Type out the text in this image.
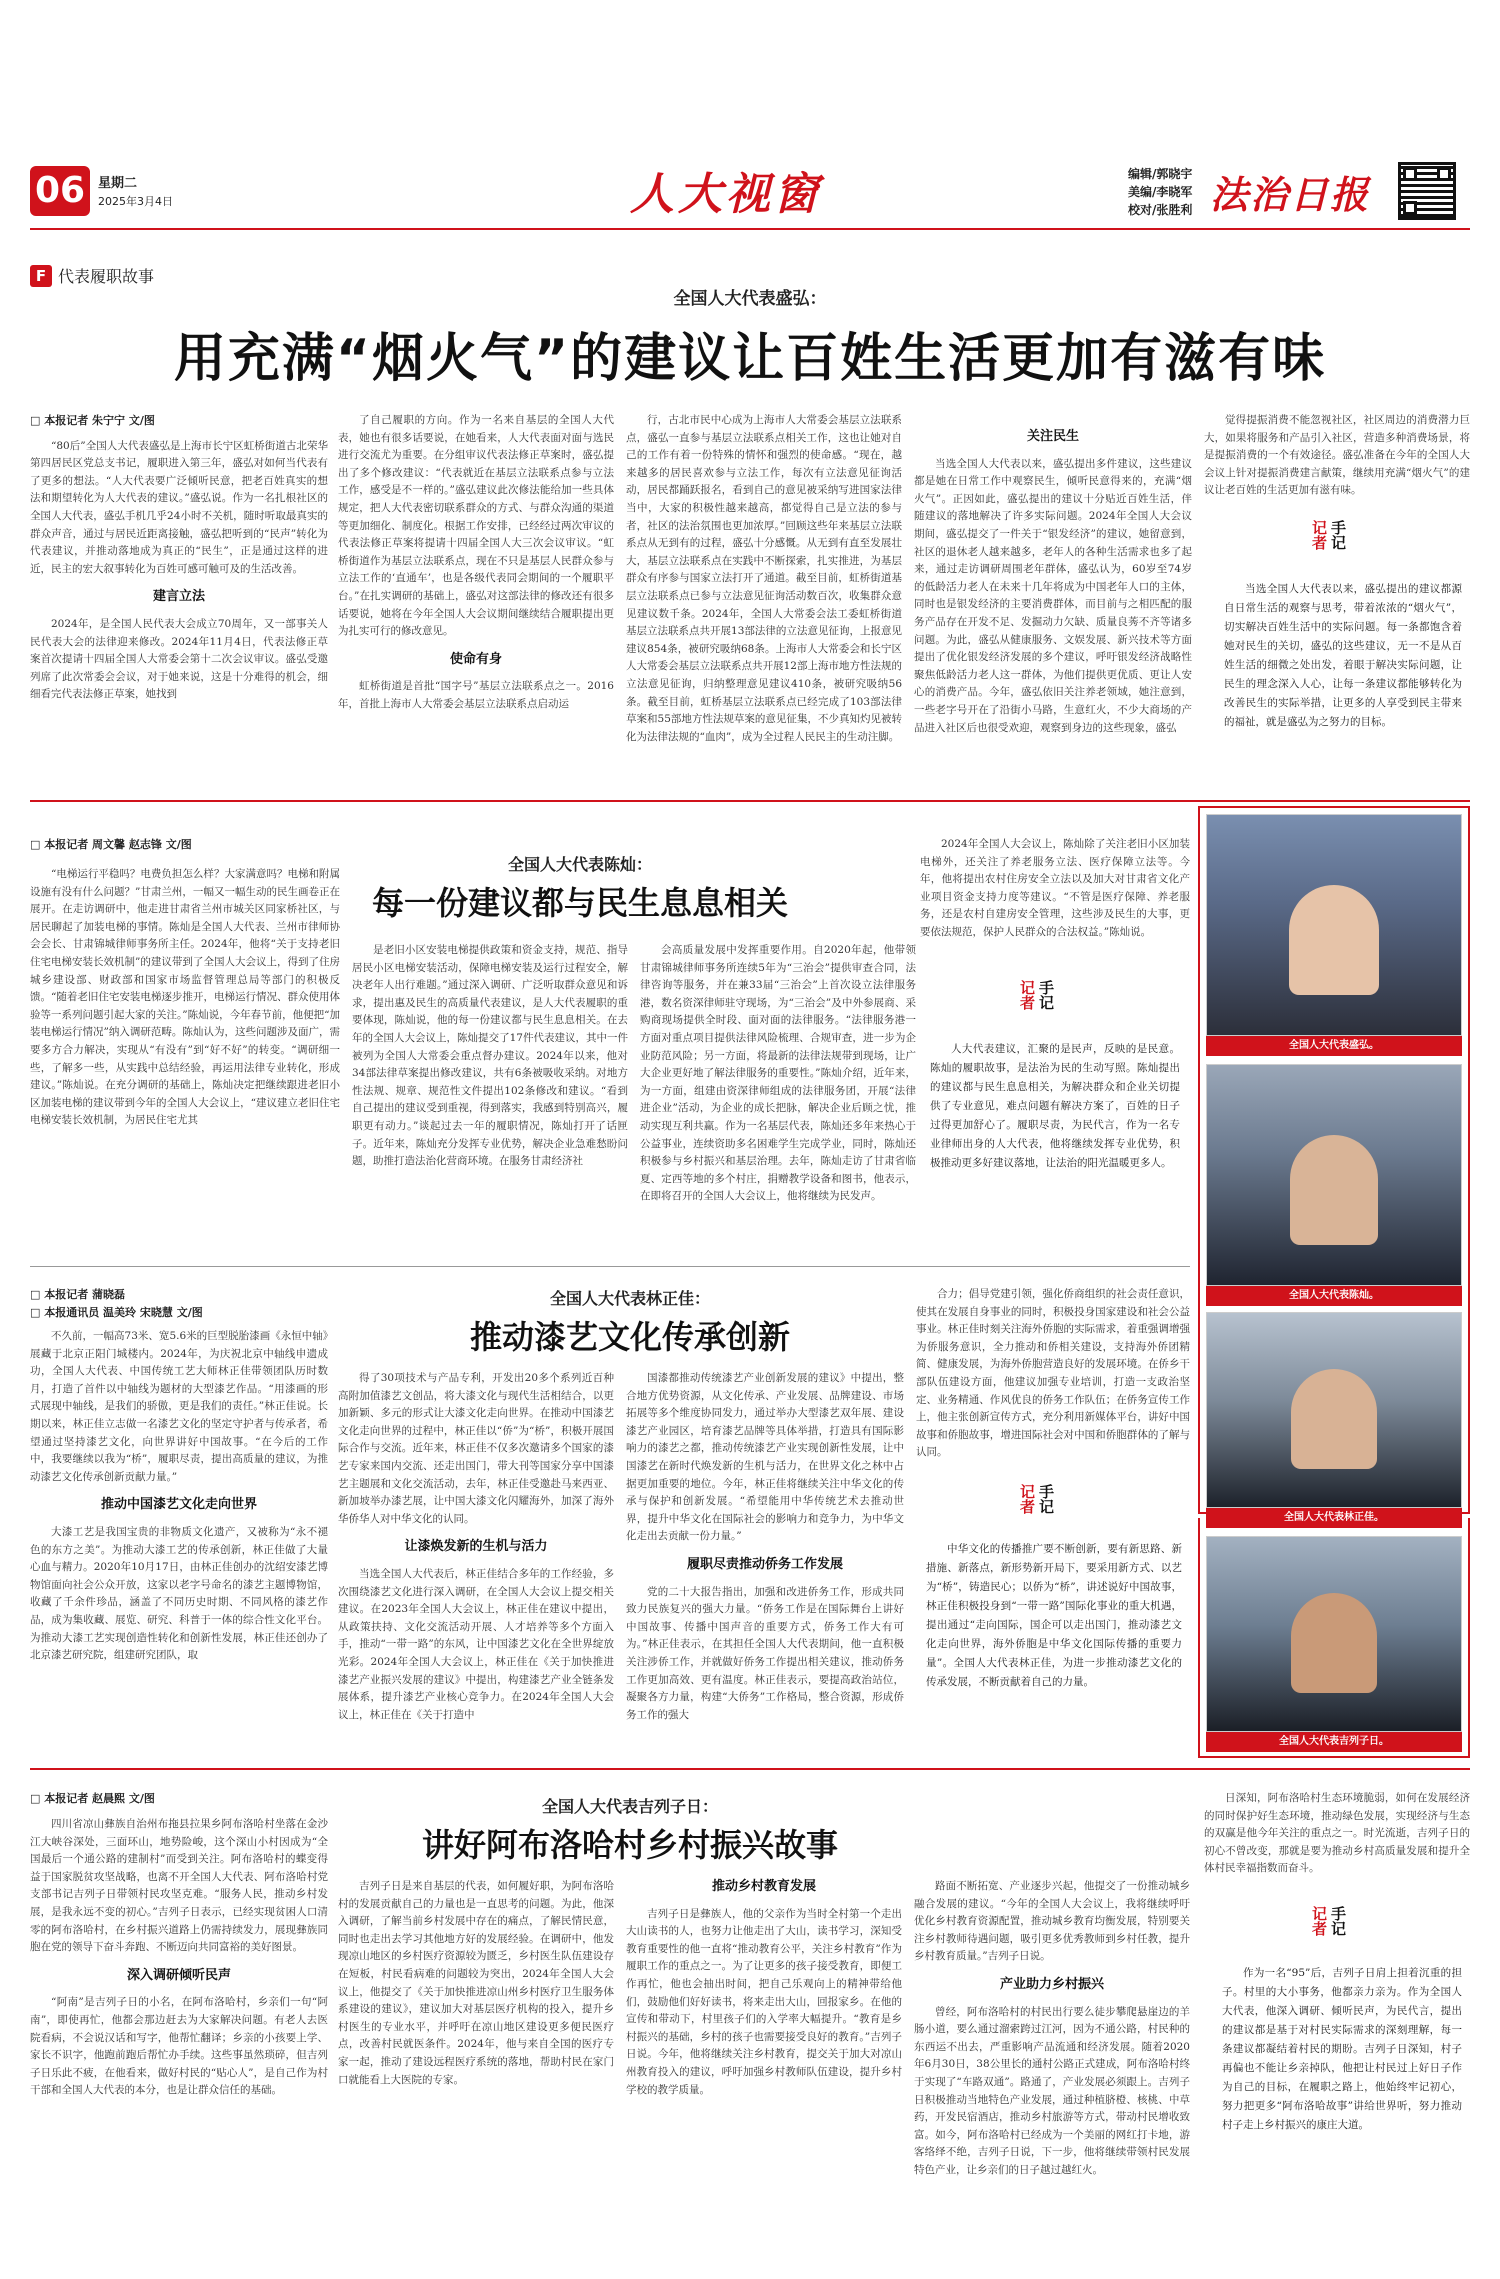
06 星期二
2025年3月4日	人大视窗	编辑/郭晓宇
美编/李晓军
校对/张胜利 法治日报
F 代表履职故事
全国人大代表盛弘：
用充满“烟火气”的建议让百姓生活更加有滋有味
□ 本报记者 朱宁宁 文/图
“80后”全国人大代表盛弘是上海市长宁区虹桥街道古北荣华第四居民区党总支书记，履职进入第三年，盛弘对如何当代表有了更多的想法。“人大代表要广泛倾听民意，把老百姓真实的想法和期望转化为人大代表的建议。”盛弘说。作为一名扎根社区的全国人大代表，盛弘手机几乎24小时不关机，随时听取最真实的群众声音，通过与居民近距离接触，盛弘把听到的“民声”转化为代表建议，并推动落地成为真正的“民生”，正是通过这样的进近，民主的宏大叙事转化为百姓可感可触可及的生活改善。
建言立法
2024年，是全国人民代表大会成立70周年，又一部事关人民代表大会的法律迎来修改。2024年11月4日，代表法修正草案首次提请十四届全国人大常委会第十二次会议审议。盛弘受邀列席了此次常委会会议，对于她来说，这是十分难得的机会，细细看完代表法修正草案，她找到
了自己履职的方向。作为一名来自基层的全国人大代表，她也有很多话要说，在她看来，人大代表面对面与选民进行交流尤为重要。在分组审议代表法修正草案时，盛弘提出了多个修改建议：“代表就近在基层立法联系点参与立法工作，感受是不一样的。”盛弘建议此次修法能给加一些具体规定，把人大代表密切联系群众的方式、与群众沟通的渠道等更加细化、制度化。根据工作安排，已经经过两次审议的代表法修正草案将提请十四届全国人大三次会议审议。“虹桥街道作为基层立法联系点，现在不只是基层人民群众参与立法工作的‘直通车’，也是各级代表同会期间的一个履职平台。”在扎实调研的基础上，盛弘对这部法律的修改还有很多话要说，她将在今年全国人大会议期间继续结合履职提出更为扎实可行的修改意见。
使命有身
虹桥街道是首批“国字号”基层立法联系点之一。2016年，首批上海市人大常委会基层立法联系点启动运
行，古北市民中心成为上海市人大常委会基层立法联系点，盛弘一直参与基层立法联系点相关工作，这也让她对自己的工作有着一份特殊的情怀和强烈的使命感。“现在，越来越多的居民喜欢参与立法工作，每次有立法意见征询活动，居民都踊跃报名，看到自己的意见被采纳写进国家法律当中，大家的积极性越来越高，都觉得自己是立法的参与者，社区的法治氛围也更加浓厚。”回顾这些年来基层立法联系点从无到有的过程，盛弘十分感慨。从无到有直至发展壮大，基层立法联系点在实践中不断探索，扎实推进，为基层群众有序参与国家立法打开了通道。截至目前，虹桥街道基层立法联系点已参与立法意见征询活动数百次，收集群众意见建议数千条。2024年，全国人大常委会法工委虹桥街道基层立法联系点共开展13部法律的立法意见征询，上报意见建议854条，被研究吸纳68条。上海市人大常委会和长宁区人大常委会基层立法联系点共开展12部上海市地方性法规的立法意见征询，归纳整理意见建议410条，被研究吸纳56条。截至目前，虹桥基层立法联系点已经完成了103部法律草案和55部地方性法规草案的意见征集，不少真知灼见被转化为法律法规的“血肉”，成为全过程人民民主的生动注脚。
关注民生
当选全国人大代表以来，盛弘提出多件建议，这些建议都是她在日常工作中观察民生，倾听民意得来的，充满“烟火气”。正因如此，盛弘提出的建议十分贴近百姓生活，伴随建议的落地解决了许多实际问题。2024年全国人大会议期间，盛弘提交了一件关于“银发经济”的建议，她留意到，社区的退休老人越来越多，老年人的各种生活需求也多了起来，通过走访调研周围老年群体，盛弘认为，60岁至74岁的低龄活力老人在未来十几年将成为中国老年人口的主体，同时也是银发经济的主要消费群体，而目前与之相匹配的服务产品存在开发不足、发掘动力欠缺、质量良莠不齐等诸多问题。为此，盛弘从健康服务、文娱发展、新兴技术等方面提出了优化银发经济发展的多个建议，呼吁银发经济战略性聚焦低龄活力老人这一群体，为他们提供更优质、更让人安心的消费产品。今年，盛弘依旧关注养老领域，她注意到，一些老字号开在了沿街小马路，生意红火，不少大商场的产品进入社区后也很受欢迎，观察到身边的这些现象，盛弘
觉得提振消费不能忽视社区，社区周边的消费潜力巨大，如果将服务和产品引入社区，营造多种消费场景，将是提振消费的一个有效途径。盛弘准备在今年的全国人大会议上针对提振消费建言献策，继续用充满“烟火气”的建议让老百姓的生活更加有滋有味。
记者 手记
当选全国人大代表以来，盛弘提出的建议都源自日常生活的观察与思考，带着浓浓的“烟火气”，切实解决百姓生活中的实际问题。每一条都饱含着她对民生的关切，盛弘的这些建议，无一不是从百姓生活的细微之处出发，着眼于解决实际问题，让民生的理念深入人心，让每一条建议都能够转化为改善民生的实际举措，让更多的人享受到民主带来的福祉，就是盛弘为之努力的目标。
□ 本报记者 周文馨 赵志锋 文/图
全国人大代表陈灿：
每一份建议都与民生息息相关
“电梯运行平稳吗？电费负担怎么样？大家满意吗？电梯和附属设施有没有什么问题？”甘肃兰州，一幅又一幅生动的民生画卷正在展开。在走访调研中，他走进甘肃省兰州市城关区同家桥社区，与居民聊起了加装电梯的事情。陈灿是全国人大代表、兰州市律师协会会长、甘肃锦城律师事务所主任。2024年，他将“关于支持老旧住宅电梯安装长效机制”的建议带到了全国人大会议上，得到了住房城乡建设部、财政部和国家市场监督管理总局等部门的积极反馈。“随着老旧住宅安装电梯逐步推开，电梯运行情况、群众使用体验等一系列问题引起大家的关注。”陈灿说，今年春节前，他便把“加装电梯运行情况”纳入调研范畴。陈灿认为，这些问题涉及面广，需要多方合力解决，实现从“有没有”到“好不好”的转变。“调研细一些，了解多一些，从实践中总结经验，再运用法律专业转化，形成建议。”陈灿说。在充分调研的基础上，陈灿决定把继续跟进老旧小区加装电梯的建议带到今年的全国人大会议上，“建议建立老旧住宅电梯安装长效机制，为居民住宅尤其
是老旧小区安装电梯提供政策和资金支持，规范、指导居民小区电梯安装活动，保障电梯安装及运行过程安全，解决老年人出行难题。”通过深入调研、广泛听取群众意见和诉求，提出惠及民生的高质量代表建议，是人大代表履职的重要体现，陈灿说，他的每一份建议都与民生息息相关。在去年的全国人大会议上，陈灿提交了17件代表建议，其中一件被列为全国人大常委会重点督办建议。2024年以来，他对34部法律草案提出修改建议，共有6条被吸收采纳。对地方性法规、规章、规范性文件提出102条修改和建议。“看到自己提出的建议受到重视，得到落实，我感到特别高兴，履职更有动力。”谈起过去一年的履职情况，陈灿打开了话匣子。近年来，陈灿充分发挥专业优势，解决企业急难愁盼问题，助推打造法治化营商环境。在服务甘肃经济社
会高质量发展中发挥重要作用。自2020年起，他带领甘肃锦城律师事务所连续5年为“三治会”提供审查合同，法律咨询等服务，并在兼33届“三治会”上首次设立法律服务港，数名资深律师驻守现场，为“三治会”及中外参展商、采购商现场提供全时段、面对面的法律服务。“法律服务港一方面对重点项目提供法律风险梳理、合规审查，进一步为企业防范风险；另一方面，将最新的法律法规带到现场，让广大企业更好地了解法律服务的重要性。”陈灿介绍，近年来，为一方面，组建由资深律师组成的法律服务团，开展“法律进企业”活动，为企业的成长把脉，解决企业后顾之忧，推动实现互利共赢。作为一名基层代表，陈灿还多年来热心于公益事业，连续资助多名困难学生完成学业，同时，陈灿还积极参与乡村振兴和基层治理。去年，陈灿走访了甘肃省临夏、定西等地的多个村庄，捐赠教学设备和图书，他表示，在即将召开的全国人大会议上，他将继续为民发声。
2024年全国人大会议上，陈灿除了关注老旧小区加装电梯外，还关注了养老服务立法、医疗保障立法等。今年，他将提出农村住房安全立法以及加大对甘肃省文化产业项目资金支持力度等建议。“不管是医疗保障、养老服务，还是农村自建房安全管理，这些涉及民生的大事，更要依法规范，保护人民群众的合法权益。”陈灿说。
记者 手记
人大代表建议，汇聚的是民声，反映的是民意。陈灿的履职故事，是法治为民的生动写照。陈灿提出的建议都与民生息息相关，为解决群众和企业关切提供了专业意见，难点问题有解决方案了，百姓的日子过得更加舒心了。履职尽责，为民代言，作为一名专业律师出身的人大代表，他将继续发挥专业优势，积极推动更多好建议落地，让法治的阳光温暖更多人。
全国人大代表盛弘。
全国人大代表陈灿。
□ 本报记者 蒲晓磊
□ 本报通讯员 温美玲 宋晓慧 文/图
全国人大代表林正佳：
推动漆艺文化传承创新
不久前，一幅高73米、宽5.6米的巨型脱胎漆画《永恒中轴》展藏于北京正阳门城楼内。2024年，为庆祝北京中轴线申遗成功，全国人大代表、中国传统工艺大师林正佳带领团队历时数月，打造了首件以中轴线为题材的大型漆艺作品。“用漆画的形式展现中轴线，是我们的骄傲，更是我们的责任。”林正佳说。长期以来，林正佳立志做一名漆艺文化的坚定守护者与传承者，希望通过坚持漆艺文化，向世界讲好中国故事。“在今后的工作中，我要继续以我为“桥”，履职尽责，提出高质量的建议，为推动漆艺文化传承创新贡献力量。”
推动中国漆艺文化走向世界
大漆工艺是我国宝贵的非物质文化遗产，又被称为“永不褪色的东方之美”。为推动大漆工艺的传承创新，林正佳做了大量心血与精力。2020年10月17日，由林正佳创办的沈绍安漆艺博物馆面向社会公众开放，这家以老字号命名的漆艺主题博物馆，收藏了千余件珍品，涵盖了不同历史时期、不同风格的漆艺作品，成为集收藏、展览、研究、科普于一体的综合性文化平台。为推动大漆工艺实现创造性转化和创新性发展，林正佳还创办了北京漆艺研究院，组建研究团队，取
得了30项技术与产品专利，开发出20多个系列近百种高附加值漆艺文创品，将大漆文化与现代生活相结合，以更加新颖、多元的形式让大漆文化走向世界。在推动中国漆艺文化走向世界的过程中，林正佳以“侨”为“桥”，积极开展国际合作与交流。近年来，林正佳不仅多次邀请多个国家的漆艺专家来国内交流、还走出国门，带大刊等国家分享中国漆艺主题展和文化交流活动，去年，林正佳受邀赴马来西亚、新加坡举办漆艺展，让中国大漆文化闪耀海外，加深了海外华侨华人对中华文化的认同。
让漆焕发新的生机与活力
当选全国人大代表后，林正佳结合多年的工作经验，多次围绕漆艺文化进行深入调研，在全国人大会议上提交相关建议。在2023年全国人大会议上，林正佳在建议中提出，从政策扶持、文化交流活动开展、人才培养等多个方面入手，推动“一带一路”的东风，让中国漆艺文化在全世界绽放光彩。2024年全国人大会议上，林正佳在《关于加快推进漆艺产业振兴发展的建议》中提出，构建漆艺产业全链条发展体系，提升漆艺产业核心竞争力。在2024年全国人大会议上，林正佳在《关于打造中
国漆都推动传统漆艺产业创新发展的建议》中提出，整合地方优势资源，从文化传承、产业发展、品牌建设、市场拓展等多个维度协同发力，通过举办大型漆艺双年展、建设漆艺产业园区，培育漆艺品牌等具体举措，打造具有国际影响力的漆艺之都，推动传统漆艺产业实现创新性发展，让中国漆艺在新时代焕发新的生机与活力，在世界文化之林中占据更加重要的地位。今年，林正佳将继续关注中华文化的传承与保护和创新发展。“希望能用中华传统艺术去推动世界，提升中华文化在国际社会的影响力和竞争力，为中华文化走出去贡献一份力量。”
履职尽责推动侨务工作发展
党的二十大报告指出，加强和改进侨务工作，形成共同致力民族复兴的强大力量。“侨务工作是在国际舞台上讲好中国故事、传播中国声音的重要方式，侨务工作大有可为。”林正佳表示，在其担任全国人大代表期间，他一直积极关注涉侨工作，并就做好侨务工作提出相关建议，推动侨务工作更加高效、更有温度。林正佳表示，要提高政治站位，凝聚各方力量，构建“大侨务”工作格局，整合资源，形成侨务工作的强大
合力；倡导党建引领，强化侨商组织的社会责任意识，使其在发展自身事业的同时，积极投身国家建设和社会公益事业。林正佳时刻关注海外侨胞的实际需求，着重强调增强为侨服务意识，全力推动和侨相关建设，支持海外侨团精简、健康发展，为海外侨胞营造良好的发展环境。在侨乡干部队伍建设方面，他建议加强专业培训，打造一支政治坚定、业务精通、作风优良的侨务工作队伍；在侨务宣传工作上，他主张创新宣传方式，充分利用新媒体平台，讲好中国故事和侨胞故事，增进国际社会对中国和侨胞群体的了解与认同。
记者 手记
中华文化的传播推广要不断创新，要有新思路、新措施、新落点，新形势新开局下，要采用新方式、以艺为“桥”，铸造民心；以侨为“桥”，讲述说好中国故事，林正佳积极投身到“一带一路”国际化事业的重大机遇，提出通过“走向国际，国企可以走出国门，推动漆艺文化走向世界，海外侨胞是中华文化国际传播的重要力量”。全国人大代表林正佳，为进一步推动漆艺文化的传承发展，不断贡献着自己的力量。
全国人大代表林正佳。
全国人大代表吉列子日。
□ 本报记者 赵晨熙 文/图	全国人大代表吉列子日：
讲好阿布洛哈村乡村振兴故事
四川省凉山彝族自治州布拖县拉果乡阿布洛哈村坐落在金沙江大峡谷深处，三面环山，地势险峻，这个深山小村因成为“全国最后一个通公路的建制村”而受到关注。阿布洛哈村的蝶变得益于国家脱贫攻坚战略，也离不开全国人大代表、阿布洛哈村党支部书记吉列子日带领村民攻坚克难。“服务人民，推动乡村发展，是我永远不变的初心。”吉列子日表示，已经实现贫困人口清零的阿布洛哈村，在乡村振兴道路上仍需持续发力，展现彝族同胞在党的领导下奋斗奔跑、不断迈向共同富裕的美好图景。
深入调研倾听民声
“阿南”是吉列子日的小名，在阿布洛哈村，乡亲们一句“阿南”，即使再忙，他都会那边赶去为大家解决问题。有老人去医院看病，不会说汉话和写字，他帮忙翻译；乡亲的小孩要上学、家长不识字，他跑前跑后帮忙办手续。这些事虽然琐碎，但吉列子日乐此不疲，在他看来，做好村民的“贴心人”，是自己作为村干部和全国人大代表的本分，也是让群众信任的基础。
吉列子日是来自基层的代表，如何履好职，为阿布洛哈村的发展贡献自己的力量也是一直思考的问题。为此，他深入调研，了解当前乡村发展中存在的痛点，了解民情民意，同时也走出去学习其他地方好的发展经验。在调研中，他发现凉山地区的乡村医疗资源较为匮乏，乡村医生队伍建设存在短板，村民看病难的问题较为突出，2024年全国人大会议上，他提交了《关于加快推进凉山州乡村医疗卫生服务体系建设的建议》，建议加大对基层医疗机构的投入，提升乡村医生的专业水平，并呼吁在凉山地区建设更多便民医疗点，改善村民就医条件。2024年，他与来自全国的医疗专家一起，推动了建设远程医疗系统的落地，帮助村民在家门口就能看上大医院的专家。
推动乡村教育发展
吉列子日是彝族人，他的父亲作为当时全村第一个走出大山读书的人，也努力让他走出了大山，读书学习，深知受教育重要性的他一直将“推动教育公平，关注乡村教育”作为履职工作的重点之一。为了让更多的孩子接受教育，即便工作再忙，他也会抽出时间，把自己乐观向上的精神带给他们，鼓励他们好好读书，将来走出大山，回报家乡。在他的宣传和带动下，村里孩子们的入学率大幅提升。“教育是乡村振兴的基础，乡村的孩子也需要接受良好的教育。”吉列子日说。今年，他将继续关注乡村教育，提交关于加大对凉山州教育投入的建议，呼吁加强乡村教师队伍建设，提升乡村学校的教学质量。
路面不断拓宽、产业逐步兴起，他提交了一份推动城乡融合发展的建议。“今年的全国人大会议上，我将继续呼吁优化乡村教育资源配置，推动城乡教育均衡发展，特别要关注乡村教师待遇问题，吸引更多优秀教师到乡村任教，提升乡村教育质量。”吉列子日说。
产业助力乡村振兴
曾经，阿布洛哈村的村民出行要么徒步攀爬悬崖边的羊肠小道，要么通过溜索跨过江河，因为不通公路，村民种的东西运不出去，严重影响产品流通和经济发展。随着2020年6月30日，38公里长的通村公路正式建成，阿布洛哈村终于实现了“车路双通”。路通了，产业发展必须跟上。吉列子日积极推动当地特色产业发展，通过种植脐橙、核桃、中草药，开发民宿酒店，推动乡村旅游等方式，带动村民增收致富。如今，阿布洛哈村已经成为一个美丽的网红打卡地，游客络绎不绝，吉列子日说，下一步，他将继续带领村民发展特色产业，让乡亲们的日子越过越红火。
日深知，阿布洛哈村生态环境脆弱，如何在发展经济的同时保护好生态环境，推动绿色发展，实现经济与生态的双赢是他今年关注的重点之一。时光流逝，吉列子日的初心不曾改变，那就是要为推动乡村高质量发展和提升全体村民幸福指数而奋斗。
记者 手记
作为一名“95”后，吉列子日肩上担着沉重的担子。村里的大小事务，他都亲力亲为。作为全国人大代表，他深入调研、倾听民声，为民代言，提出的建议都是基于对村民实际需求的深刻理解，每一条建议都凝结着村民的期盼。吉列子日深知，村子再偏也不能让乡亲掉队，他把让村民过上好日子作为自己的目标，在履职之路上，他始终牢记初心，努力把更多“阿布洛哈故事”讲给世界听，努力推动村子走上乡村振兴的康庄大道。
